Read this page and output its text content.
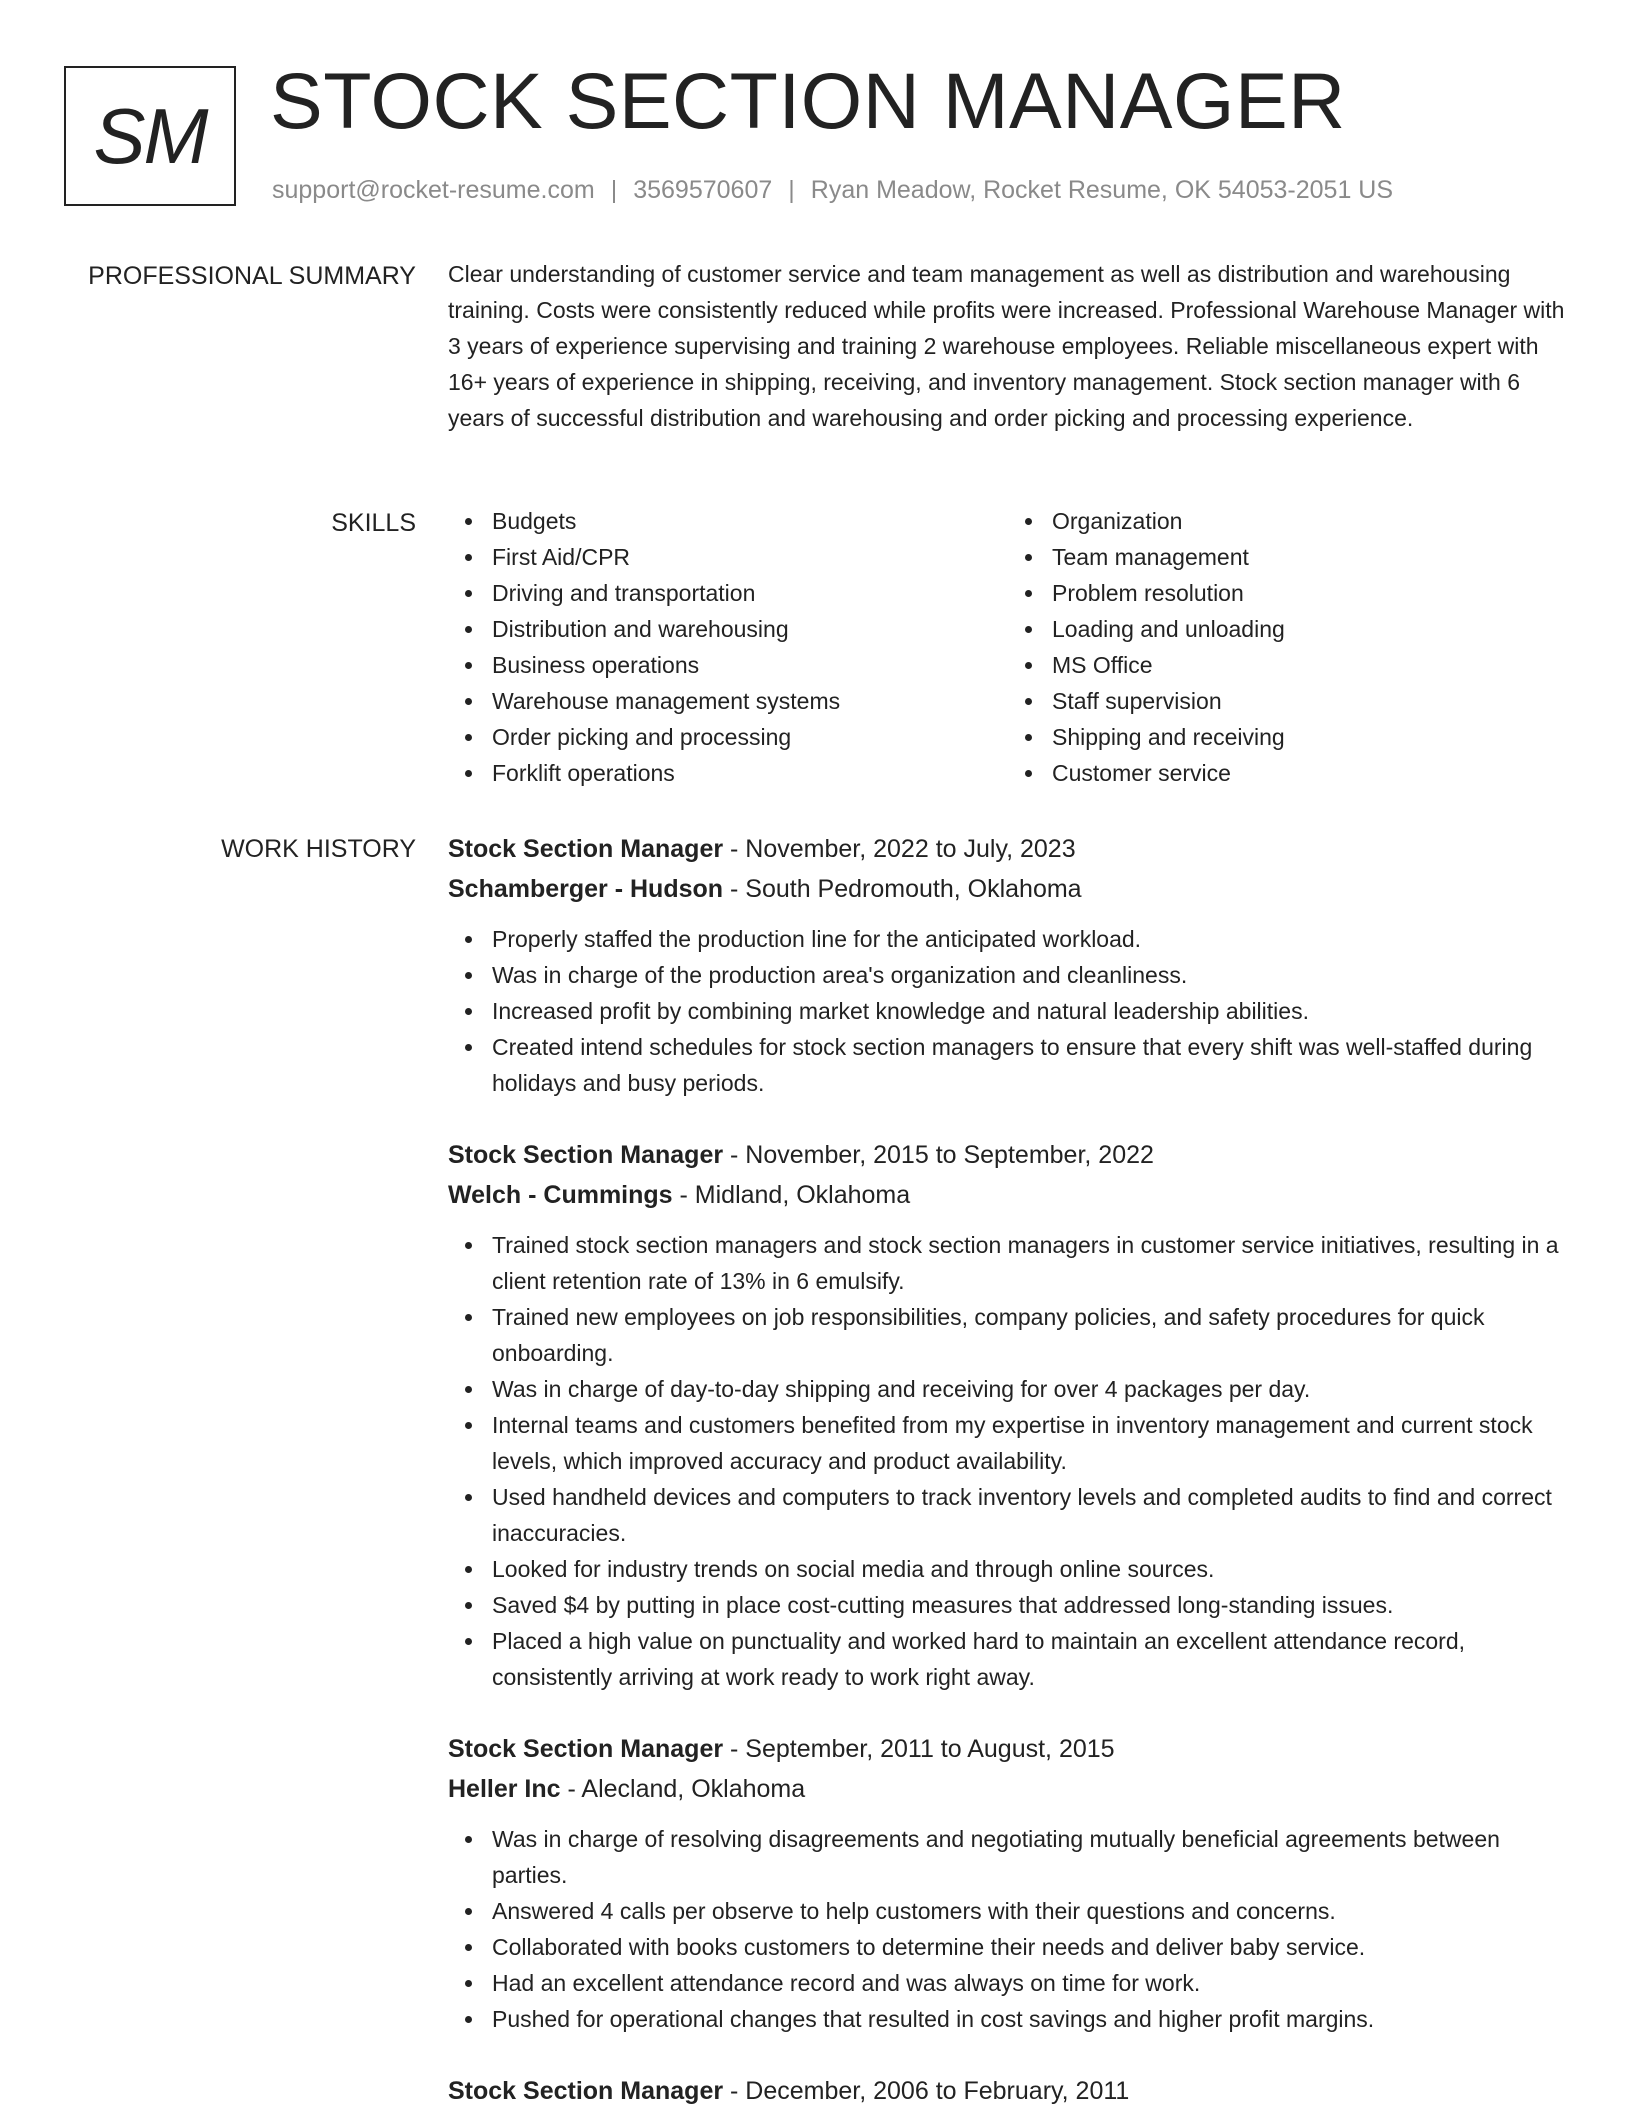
SM STOCK SECTION MANAGER
support@rocket-resume.com | 3569570607 | Ryan Meadow, Rocket Resume, OK 54053-2051 US
PROFESSIONAL SUMMARY Clear understanding of customer service and team management as well as distribution and warehousing training. Costs were consistently reduced while profits were increased. Professional Warehouse Manager with 3 years of experience supervising and training 2 warehouse employees. Reliable miscellaneous expert with 16+ years of experience in shipping, receiving, and inventory management. Stock section manager with 6 years of successful distribution and warehousing and order picking and processing experience.

SKILLS	Budgets
First Aid/CPR
Driving and transportation
Distribution and warehousing
Business operations
Warehouse management systems
Order picking and processing
Forklift operations
Organization
Team management
Problem resolution
Loading and unloading
MS Office
Staff supervision
Shipping and receiving
Customer service
WORK HISTORY Stock Section Manager - November, 2022 to July, 2023
Schamberger - Hudson - South Pedromouth, Oklahoma
Properly staffed the production line for the anticipated workload.
Was in charge of the production area's organization and cleanliness.
Increased profit by combining market knowledge and natural leadership abilities.
Created intend schedules for stock section managers to ensure that every shift was well-staffed during holidays and busy periods.
Stock Section Manager - November, 2015 to September, 2022
Welch - Cummings - Midland, Oklahoma
Trained stock section managers and stock section managers in customer service initiatives, resulting in a client retention rate of 13% in 6 emulsify.
Trained new employees on job responsibilities, company policies, and safety procedures for quick onboarding.
Was in charge of day-to-day shipping and receiving for over 4 packages per day.
Internal teams and customers benefited from my expertise in inventory management and current stock levels, which improved accuracy and product availability.
Used handheld devices and computers to track inventory levels and completed audits to find and correct inaccuracies.
Looked for industry trends on social media and through online sources.
Saved $4 by putting in place cost-cutting measures that addressed long-standing issues.
Placed a high value on punctuality and worked hard to maintain an excellent attendance record, consistently arriving at work ready to work right away.
Stock Section Manager - September, 2011 to August, 2015
Heller Inc - Alecland, Oklahoma
Was in charge of resolving disagreements and negotiating mutually beneficial agreements between parties.
Answered 4 calls per observe to help customers with their questions and concerns.
Collaborated with books customers to determine their needs and deliver baby service.
Had an excellent attendance record and was always on time for work.
Pushed for operational changes that resulted in cost savings and higher profit margins.
Stock Section Manager - December, 2006 to February, 2011
